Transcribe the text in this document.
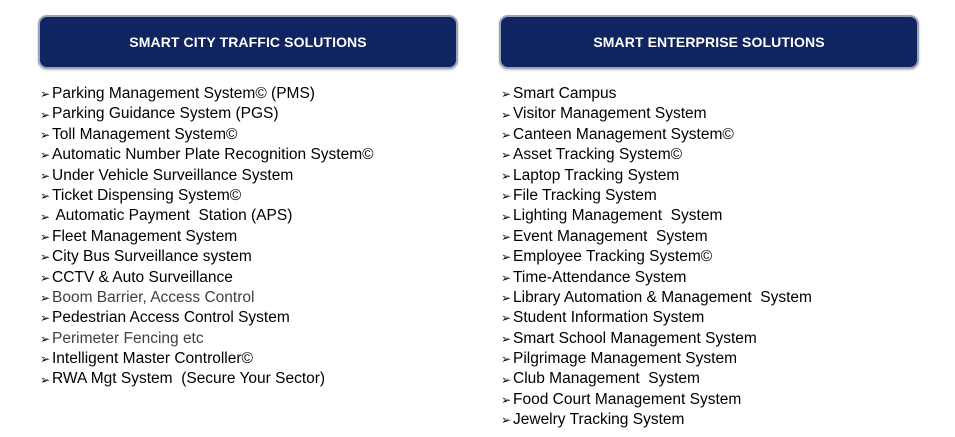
SMART CITY TRAFFIC SOLUTIONS
➢ Parking Management System© (PMS)
➢ Parking Guidance System (PGS)
➢ Toll Management System©
➢ Automatic Number Plate Recognition System©
➢ Under Vehicle Surveillance System
➢ Ticket Dispensing System©
➢ Automatic Payment  Station (APS)
➢ Fleet Management System
➢ City Bus Surveillance system
➢ CCTV & Auto Surveillance
➢ Boom Barrier, Access Control
➢ Pedestrian Access Control System
➢ Perimeter Fencing etc
➢ Intelligent Master Controller©
➢ RWA Mgt System  (Secure Your Sector)
SMART ENTERPRISE SOLUTIONS
➢ Smart Campus
➢ Visitor Management System
➢ Canteen Management System©
➢ Asset Tracking System©
➢ Laptop Tracking System
➢ File Tracking System
➢ Lighting Management  System
➢ Event Management  System
➢ Employee Tracking System©
➢ Time-Attendance System
➢ Library Automation & Management  System
➢ Student Information System
➢ Smart School Management System
➢ Pilgrimage Management System
➢ Club Management  System
➢ Food Court Management System
➢ Jewelry Tracking System
